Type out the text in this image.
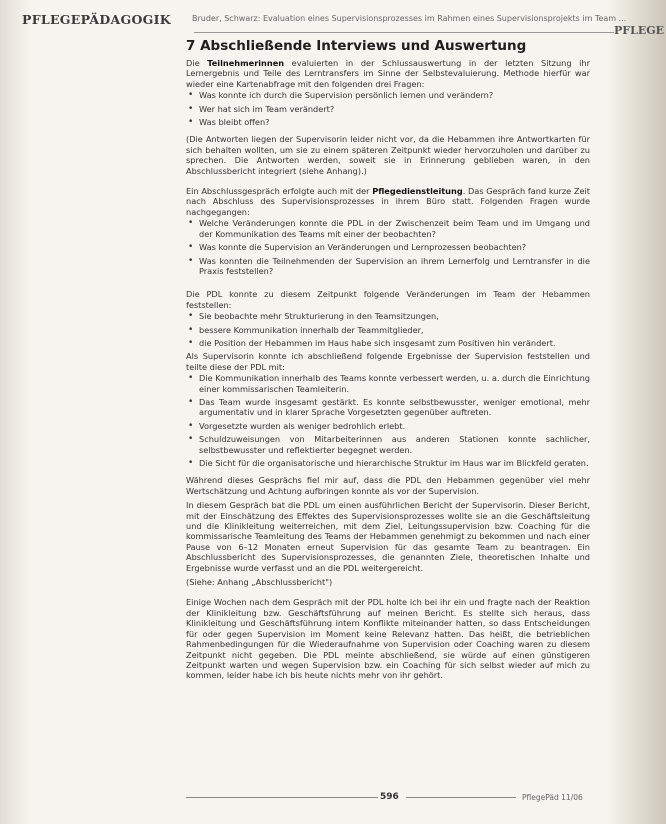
PFLEGEPÄDAGOGIK	Bruder, Schwarz: Evaluation eines Supervisionsprozesses im Rahmen eines Supervisionsprojekts im Team ...
PFLEGE
7 Abschließende Interviews und Auswertung

Die Teilnehmerinnen evaluierten in der Schlussauswertung in der letzten Sitzung ihr Lernergebnis und Teile des Lerntransfers im Sinne der Selbstevaluierung. Methode hierfür war wieder eine Kartenabfrage mit den folgenden drei Fragen:

• Was konnte ich durch die Supervision persönlich lernen und verändern?
• Wer hat sich im Team verändert?
• Was bleibt offen?

(Die Antworten liegen der Supervisorin leider nicht vor, da die Hebammen ihre Antwortkarten für sich behalten wollten, um sie zu einem späteren Zeitpunkt wieder hervorzuholen und darüber zu sprechen. Die Antworten werden, soweit sie in Erinnerung geblieben waren, in den Abschlussbericht integriert (siehe Anhang).)

Ein Abschlussgespräch erfolgte auch mit der Pflegedienstleitung. Das Gespräch fand kurze Zeit nach Abschluss des Supervisionsprozesses in ihrem Büro statt. Folgenden Fragen wurde nachgegangen:

• Welche Veränderungen konnte die PDL in der Zwischenzeit beim Team und im Umgang und der Kommunikation des Teams mit einer der beobachten?
• Was konnte die Supervision an Veränderungen und Lernprozessen beobachten?
• Was konnten die Teilnehmenden der Supervision an ihrem Lernerfolg und Lerntransfer in die Praxis feststellen?

Die PDL konnte zu diesem Zeitpunkt folgende Veränderungen im Team der Hebammen feststellen:

• Sie beobachte mehr Strukturierung in den Teamsitzungen,
• bessere Kommunikation innerhalb der Teammitglieder,
• die Position der Hebammen im Haus habe sich insgesamt zum Positiven hin verändert.

Als Supervisorin konnte ich abschließend folgende Ergebnisse der Supervision feststellen und teilte diese der PDL mit:

• Die Kommunikation innerhalb des Teams konnte verbessert werden, u. a. durch die Einrichtung einer kommissarischen Teamleiterin.
• Das Team wurde insgesamt gestärkt. Es konnte selbstbewusster, weniger emotional, mehr argumentativ und in klarer Sprache Vorgesetzten gegenüber auftreten.
• Vorgesetzte wurden als weniger bedrohlich erlebt.
• Schuldzuweisungen von Mitarbeiterinnen aus anderen Stationen konnte sachlicher, selbstbewusster und reflektierter begegnet werden.
• Die Sicht für die organisatorische und hierarchische Struktur im Haus war im Blickfeld geraten.

Während dieses Gesprächs fiel mir auf, dass die PDL den Hebammen gegenüber viel mehr Wertschätzung und Achtung aufbringen konnte als vor der Supervision.

In diesem Gespräch bat die PDL um einen ausführlichen Bericht der Supervisorin. Dieser Bericht, mit der Einschätzung des Effektes des Supervisionsprozesses wollte sie an die Geschäftsleitung und die Klinikleitung weiterreichen, mit dem Ziel, Leitungssupervision bzw. Coaching für die kommissarische Teamleitung des Teams der Hebammen genehmigt zu bekommen und nach einer Pause von 6–12 Monaten erneut Supervision für das gesamte Team zu beantragen. Ein Abschlussbericht des Supervisionsprozesses, die genannten Ziele, theoretischen Inhalte und Ergebnisse wurde verfasst und an die PDL weitergereicht.

(Siehe: Anhang „Abschlussbericht")

Einige Wochen nach dem Gespräch mit der PDL holte ich bei ihr ein und fragte nach der Reaktion der Klinikleitung bzw. Geschäftsführung auf meinen Bericht. Es stellte sich heraus, dass Klinikleitung und Geschäftsführung intern Konflikte miteinander hatten, so dass Entscheidungen für oder gegen Supervision im Moment keine Relevanz hatten. Das heißt, die betrieblichen Rahmenbedingungen für die Wiederaufnahme von Supervision oder Coaching waren zu diesem Zeitpunkt nicht gegeben. Die PDL meinte abschließend, sie würde auf einen günstigeren Zeitpunkt warten und wegen Supervision bzw. ein Coaching für sich selbst wieder auf mich zu kommen, leider habe ich bis heute nichts mehr von ihr gehört.

596	PflegePäd 11/06
